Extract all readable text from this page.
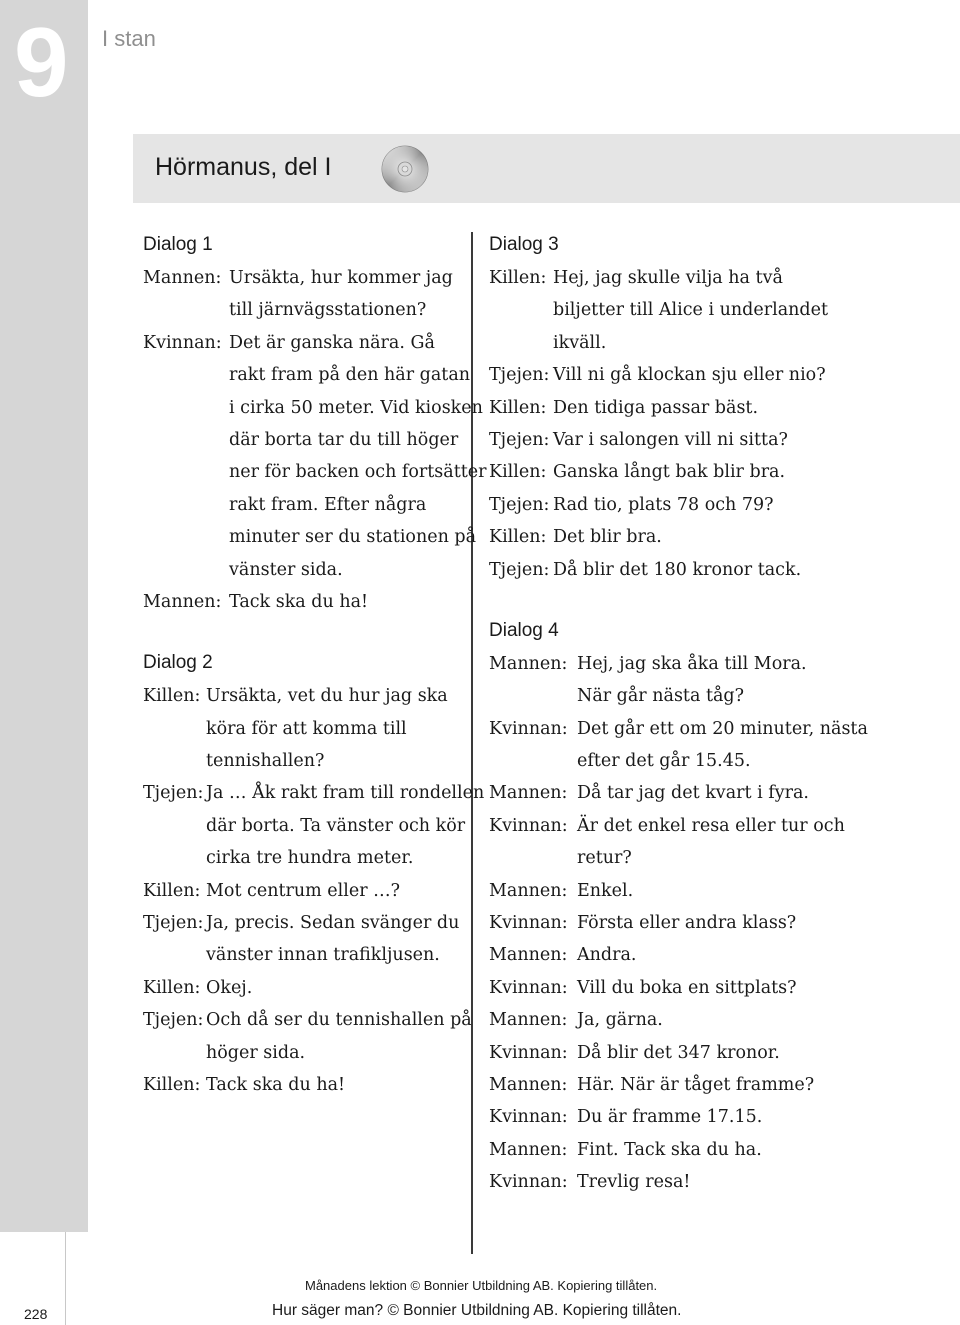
9	I stan
Hörmanus, del I
Dialog 1
Mannen: Ursäkta, hur kommer jag
till järnvägsstationen?
Kvinnan: Det är ganska nära. Gå
rakt fram på den här gatan
i cirka 50 meter. Vid kiosken
där borta tar du till höger
ner för backen och fortsätter
rakt fram. Efter några
minuter ser du stationen på
vänster sida.
Mannen: Tack ska du ha!
Dialog 2
Killen: Ursäkta, vet du hur jag ska
köra för att komma till
tennishallen?
Tjejen: Ja … Åk rakt fram till rondellen
där borta. Ta vänster och kör
cirka tre hundra meter.
Killen: Mot centrum eller …?
Tjejen: Ja, precis. Sedan svänger du
vänster innan trafikljusen.
Killen: Okej.
Tjejen: Och då ser du tennishallen på
höger sida.
Killen: Tack ska du ha!
Dialog 3
Killen: Hej, jag skulle vilja ha två
biljetter till Alice i underlandet
ikväll.
Tjejen: Vill ni gå klockan sju eller nio?
Killen: Den tidiga passar bäst.
Tjejen: Var i salongen vill ni sitta?
Killen: Ganska långt bak blir bra.
Tjejen: Rad tio, plats 78 och 79?
Killen: Det blir bra.
Tjejen: Då blir det 180 kronor tack.
Dialog 4
Mannen: Hej, jag ska åka till Mora.
När går nästa tåg?
Kvinnan: Det går ett om 20 minuter, nästa
efter det går 15.45.
Mannen: Då tar jag det kvart i fyra.
Kvinnan: Är det enkel resa eller tur och
retur?
Mannen: Enkel.
Kvinnan: Första eller andra klass?
Mannen: Andra.
Kvinnan: Vill du boka en sittplats?
Mannen: Ja, gärna.
Kvinnan: Då blir det 347 kronor.
Mannen: Här. När är tåget framme?
Kvinnan: Du är framme 17.15.
Mannen: Fint. Tack ska du ha.
Kvinnan: Trevlig resa!
Månadens lektion © Bonnier Utbildning AB. Kopiering tillåten.
228	Hur säger man? © Bonnier Utbildning AB. Kopiering tillåten.
